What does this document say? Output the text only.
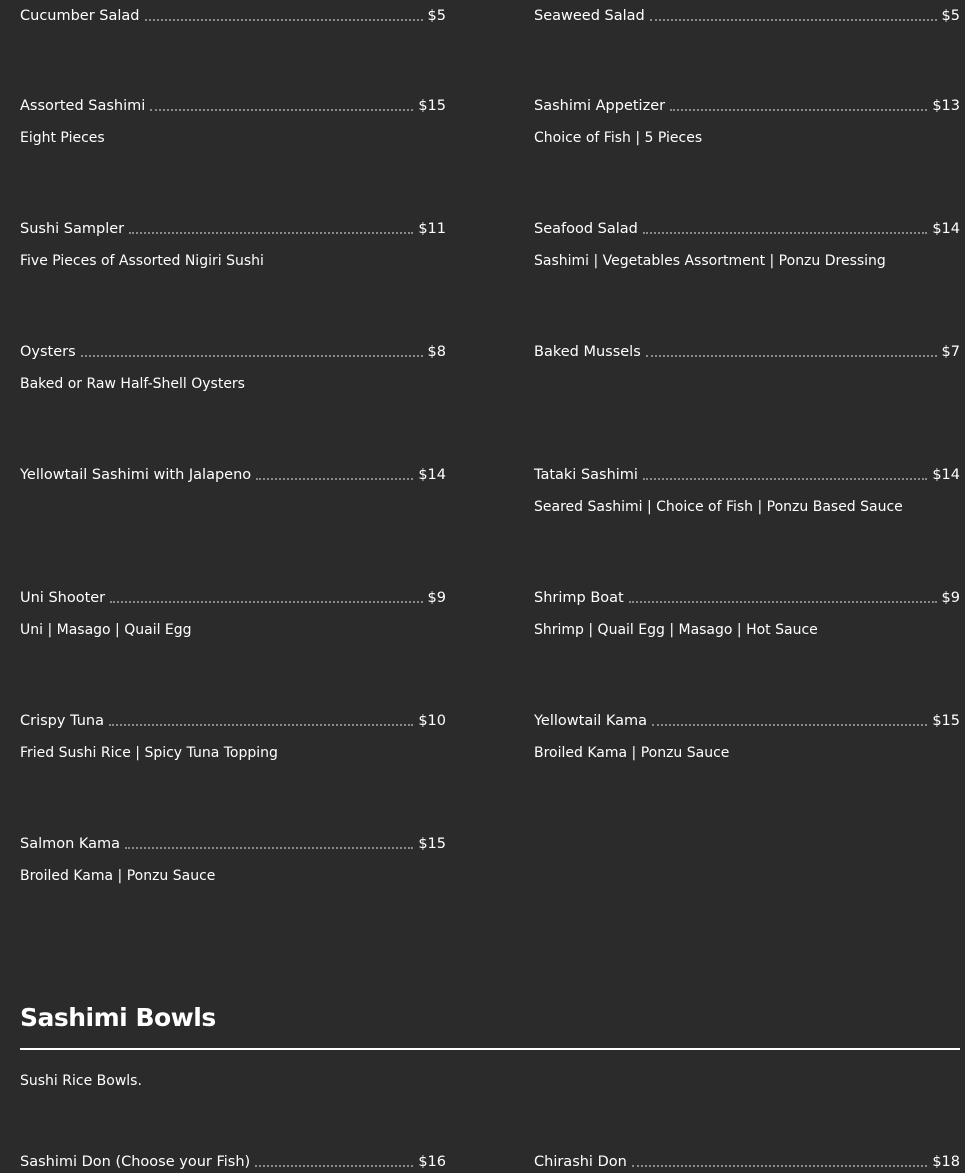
Cucumber Salad	$5	Seaweed Salad	$5
Assorted Sashimi	$15
Eight Pieces
Sashimi Appetizer	$13
Choice of Fish | 5 Pieces
Sushi Sampler	$11
Five Pieces of Assorted Nigiri Sushi
Seafood Salad	$14
Sashimi | Vegetables Assortment | Ponzu Dressing
Oysters	$8
Baked or Raw Half-Shell Oysters
Baked Mussels	$7
Yellowtail Sashimi with Jalapeno	$14	Tataki Sashimi	$14
Seared Sashimi | Choice of Fish | Ponzu Based Sauce
Uni Shooter	$9
Uni | Masago | Quail Egg
Shrimp Boat	$9
Shrimp | Quail Egg | Masago | Hot Sauce
Crispy Tuna	$10
Fried Sushi Rice | Spicy Tuna Topping
Yellowtail Kama	$15
Broiled Kama | Ponzu Sauce
Salmon Kama	$15
Broiled Kama | Ponzu Sauce
Sashimi Bowls
Sushi Rice Bowls.
Sashimi Don (Choose your Fish)	$16	Chirashi Don	$18
